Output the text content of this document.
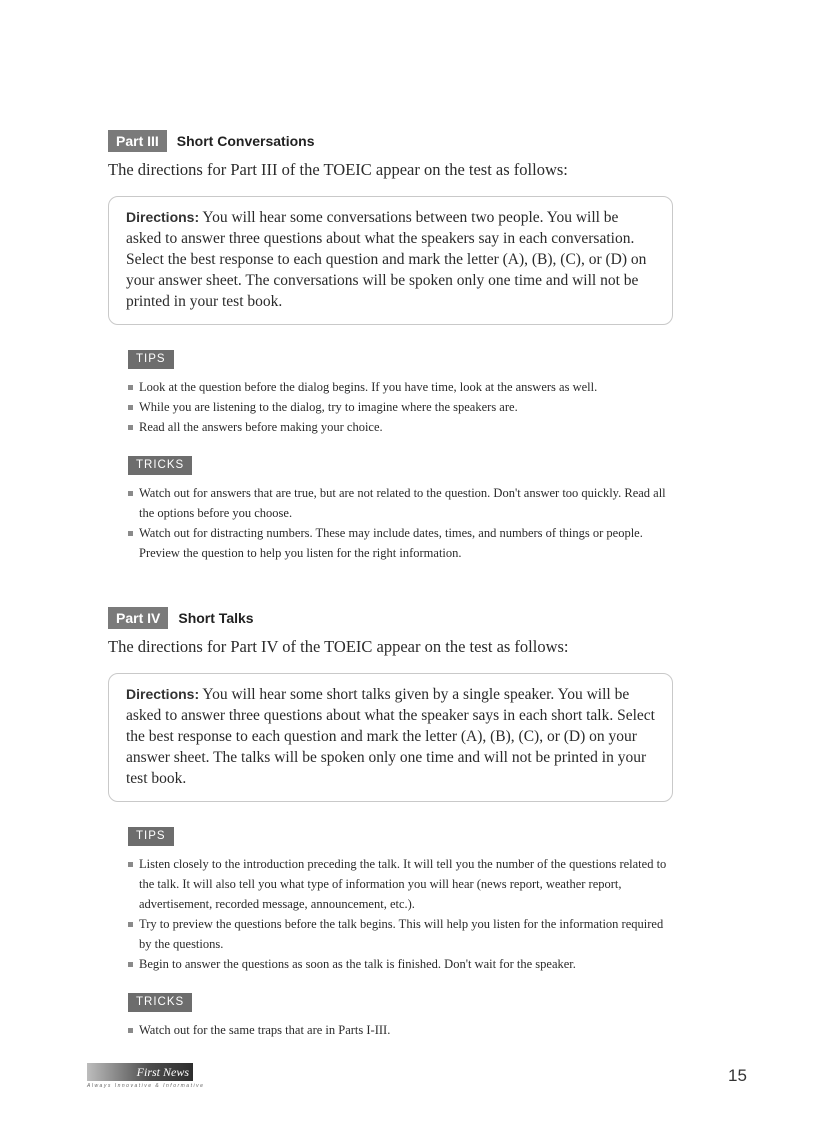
Part III	Short Conversations
The directions for Part III of the TOEIC appear on the test as follows:
Directions: You will hear some conversations between two people. You will be asked to answer three questions about what the speakers say in each conversation. Select the best response to each question and mark the letter (A), (B), (C), or (D) on your answer sheet. The conversations will be spoken only one time and will not be printed in your test book.
TIPS
Look at the question before the dialog begins. If you have time, look at the answers as well.
While you are listening to the dialog, try to imagine where the speakers are.
Read all the answers before making your choice.
TRICKS
Watch out for answers that are true, but are not related to the question. Don't answer too quickly. Read all the options before you choose.
Watch out for distracting numbers. These may include dates, times, and numbers of things or people. Preview the question to help you listen for the right information.
Part IV	Short Talks
The directions for Part IV of the TOEIC appear on the test as follows:
Directions: You will hear some short talks given by a single speaker. You will be asked to answer three questions about what the speaker says in each short talk. Select the best response to each question and mark the letter (A), (B), (C), or (D) on your answer sheet. The talks will be spoken only one time and will not be printed in your test book.
TIPS
Listen closely to the introduction preceding the talk. It will tell you the number of the questions related to the talk. It will also tell you what type of information you will hear (news report, weather report, advertisement, recorded message, announcement, etc.).
Try to preview the questions before the talk begins. This will help you listen for the information required by the questions.
Begin to answer the questions as soon as the talk is finished. Don't wait for the speaker.
TRICKS
Watch out for the same traps that are in Parts I-III.
First News
Always Innovative & Informative
15
